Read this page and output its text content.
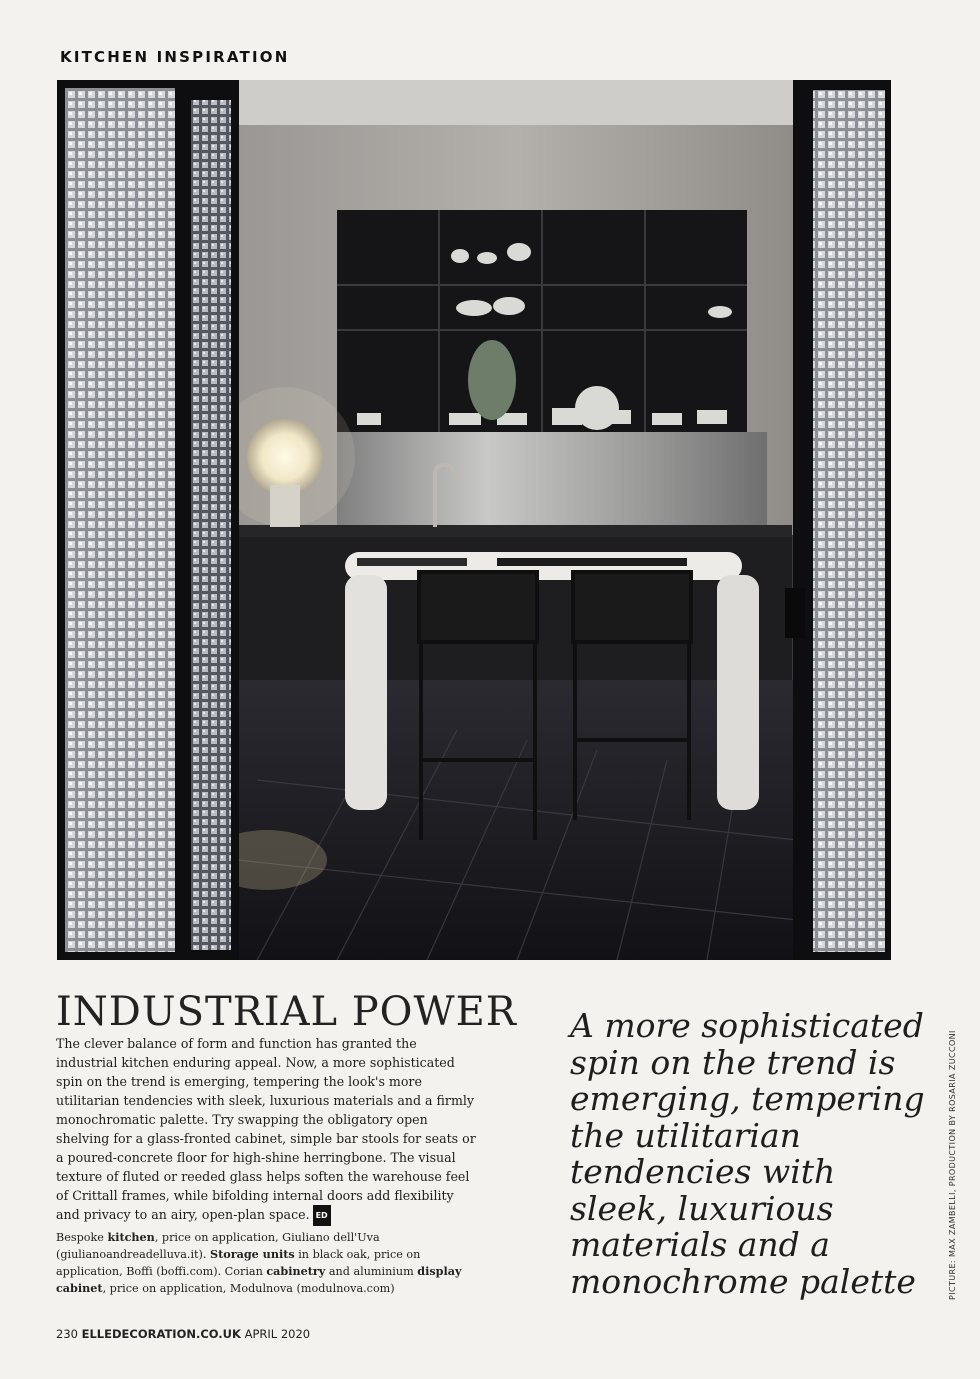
KITCHEN INSPIRATION
INDUSTRIAL POWER
The clever balance of form and function has granted the industrial kitchen enduring appeal. Now, a more sophisticated spin on the trend is emerging, tempering the look's more utilitarian tendencies with sleek, luxurious materials and a firmly monochromatic palette. Try swapping the obligatory open shelving for a glass-fronted cabinet, simple bar stools for seats or a poured-concrete floor for high-shine herringbone. The visual texture of fluted or reeded glass helps soften the warehouse feel of Crittall frames, while bifolding internal doors add flexibility and privacy to an airy, open-plan space. ED
Bespoke kitchen, price on application, Giuliano dell'Uva (giulianoandreadelluva.it). Storage units in black oak, price on application, Boffi (boffi.com). Corian cabinetry and aluminium display cabinet, price on application, Modulnova (modulnova.com)
A more sophisticated spin on the trend is emerging, tempering the utilitarian tendencies with sleek, luxurious materials and a monochrome palette
230 ELLEDECORATION.CO.UK APRIL 2020
PICTURE: MAX ZAMBELLI, PRODUCTION BY ROSARIA ZUCCONI
